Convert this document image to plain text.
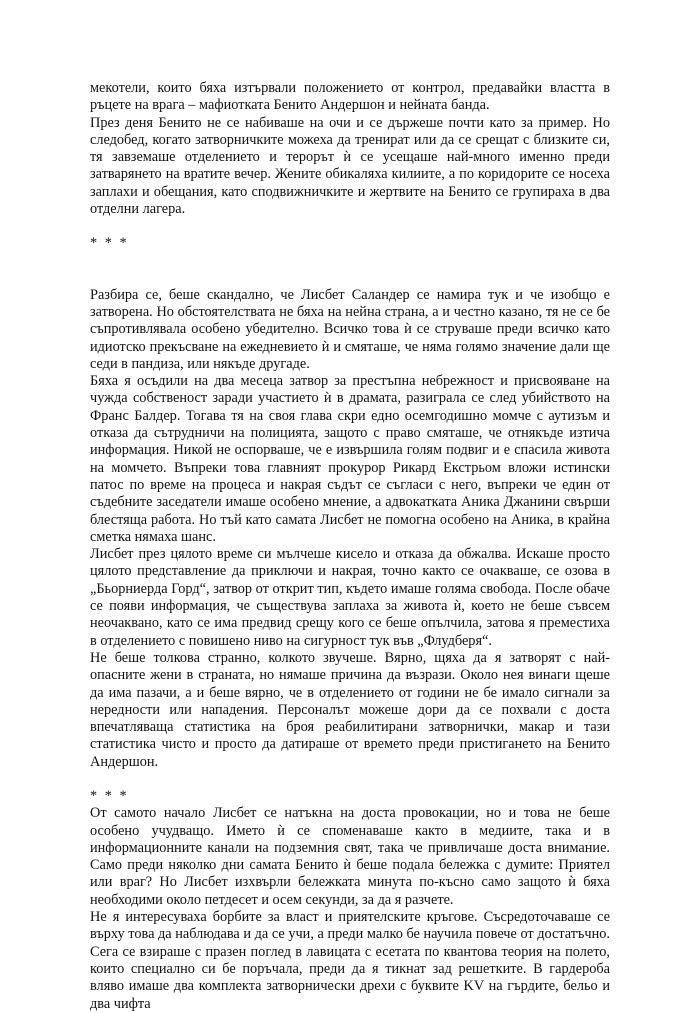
мекотели, които бяха изтървали положението от контрол, предавайки властта в ръцете на врага – мафиотката Бенито Андершон и нейната банда.

През деня Бенито не се набиваше на очи и се държеше почти като за пример. Но следобед, когато затворничките можеха да тренират или да се срещат с близките си, тя завземаше отделението и терорът ѝ се усещаше най-много именно преди затварянето на вратите вечер. Жените обикаляха килиите, а по коридорите се носеха заплахи и обещания, като сподвижничките и жертвите на Бенито се групираха в два отделни лагера.

* * *

Разбира се, беше скандално, че Лисбет Саландер се намира тук и че изобщо е затворена. Но обстоятелствата не бяха на нейна страна, а и честно казано, тя не се бе съпротивлявала особено убедително. Всичко това ѝ се струваше преди всичко като идиотско прекъсване на ежедневието ѝ и смяташе, че няма голямо значение дали ще седи в пандиза, или някъде другаде.

Бяха я осъдили на два месеца затвор за престъпна небрежност и присвояване на чужда собственост заради участието ѝ в драмата, разиграла се след убийството на Франс Балдер. Тогава тя на своя глава скри едно осемгодишно момче с аутизъм и отказа да сътрудничи на полицията, защото с право смяташе, че отнякъде изтича информация. Никой не оспорваше, че е извършила голям подвиг и е спасила живота на момчето. Въпреки това главният прокурор Рикард Екстрьом вложи истински патос по време на процеса и накрая съдът се съгласи с него, въпреки че един от съдебните заседатели имаше особено мнение, а адвокатката Аника Джанини свърши блестяща работа. Но тъй като самата Лисбет не помогна особено на Аника, в крайна сметка нямаха шанс.

Лисбет през цялото време си мълчеше кисело и отказа да обжалва. Искаше просто цялото представление да приключи и накрая, точно както се очакваше, се озова в „Бьорниерда Горд“, затвор от открит тип, където имаше голяма свобода. После обаче се появи информация, че съществува заплаха за живота ѝ, което не беше съвсем неочаквано, като се има предвид срещу кого се беше опълчила, затова я преместиха в отделението с повишено ниво на сигурност тук във „Флудберя“.

Не беше толкова странно, колкото звучеше. Вярно, щяха да я затворят с най-опасните жени в страната, но нямаше причина да възрази. Около нея винаги щеше да има пазачи, а и беше вярно, че в отделението от години не бе имало сигнали за нередности или нападения. Персоналът можеше дори да се похвали с доста впечатляваща статистика на броя реабилитирани затворнички, макар и тази статистика чисто и просто да датираше от времето преди пристигането на Бенито Андершон.

* * *

От самото начало Лисбет се натъкна на доста провокации, но и това не беше особено учудващо. Името ѝ се споменаваше както в медиите, така и в информационните канали на подземния свят, така че привличаше доста внимание. Само преди няколко дни самата Бенито ѝ беше подала бележка с думите: Приятел или враг? Но Лисбет изхвърли бележката минута по-късно само защото ѝ бяха необходими около петдесет и осем секунди, за да я разчете.

Не я интересуваха борбите за власт и приятелските кръгове. Съсредоточаваше се върху това да наблюдава и да се учи, а преди малко бе научила повече от достатъчно. Сега се взираше с празен поглед в лавицата с есетата по квантова теория на полето, които специално си бе поръчала, преди да я тикнат зад решетките. В гардероба вляво имаше два комплекта затворнически дрехи с буквите KV на гърдите, бельо и два чифта
